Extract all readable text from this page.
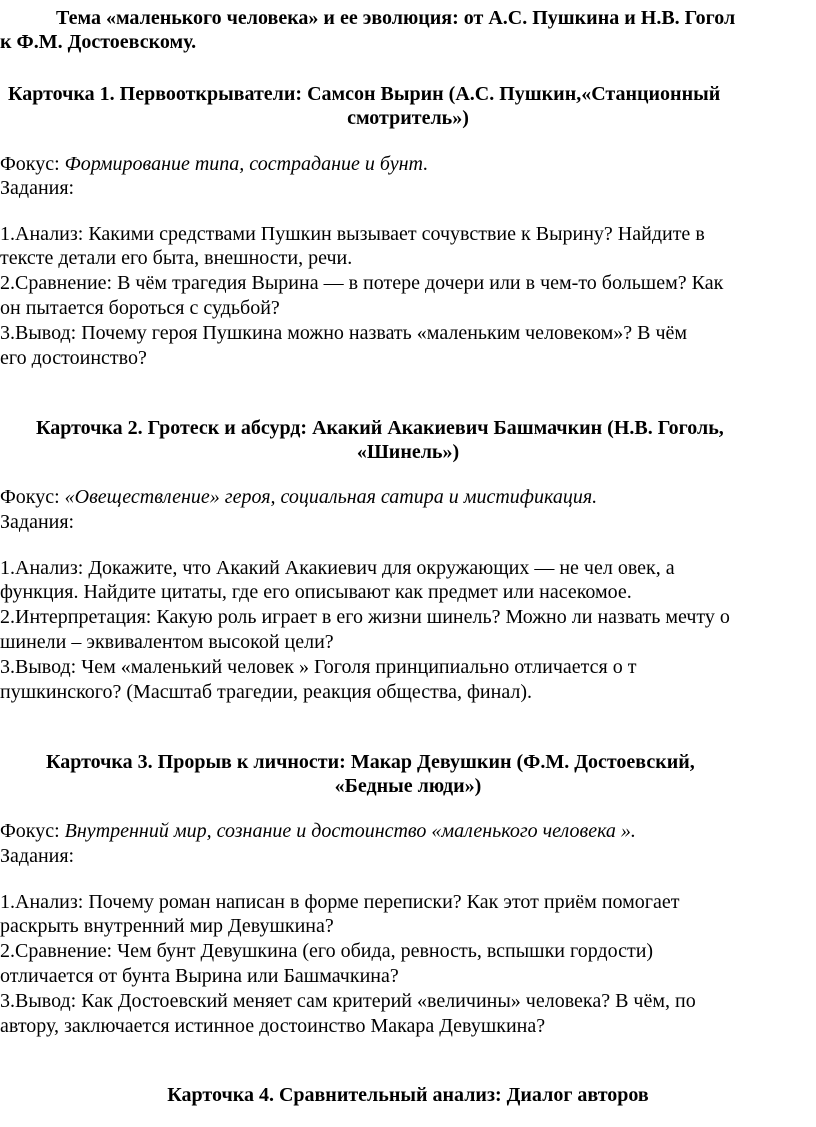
Тема «маленького человека» и ее эволюция: от А.С. Пушкина и Н.В. Гогол
к Ф.М. Достоевскому.
Карточка 1. Первооткрыватели: Самсон Вырин (А.С. Пушкин,«Станционный
смотритель»)
Фокус: Формирование типа, сострадание и бунт.
Задания:
1.Анализ: Какими средствами Пушкин вызывает сочувствие к Вырину? Найдите в
тексте детали его быта, внешности, речи.
2.Сравнение: В чём трагедия Вырина — в потере дочери или в чем-то большем? Как
он пытается бороться с судьбой?
3.Вывод: Почему героя Пушкина можно назвать «маленьким человеком»? В чём
его достоинство?
Карточка 2. Гротеск и абсурд: Акакий Акакиевич Башмачкин (Н.В. Гоголь,
«Шинель»)
Фокус: «Овеществление» героя, социальная сатира и мистификация.
Задания:
1.Анализ: Докажите, что Акакий Акакиевич для окружающих — не чел овек, а
функция. Найдите цитаты, где его описывают как предмет или насекомое.
2.Интерпретация: Какую роль играет в его жизни шинель? Можно ли назвать мечту о
шинели – эквивалентом высокой цели?
3.Вывод: Чем «маленький человек » Гоголя принципиально отличается о т
пушкинского? (Масштаб трагедии, реакция общества, финал).
Карточка 3. Прорыв к личности: Макар Девушкин (Ф.М. Достоевский,
«Бедные люди»)
Фокус: Внутренний мир, сознание и достоинство «маленького человека ».
Задания:
1.Анализ: Почему роман написан в форме переписки? Как этот приём помогает
раскрыть внутренний мир Девушкина?
2.Сравнение: Чем бунт Девушкина (его обида, ревность, вспышки гордости)
отличается от бунта Вырина или Башмачкина?
3.Вывод: Как Достоевский меняет сам критерий «величины» человека? В чём, по
автору, заключается истинное достоинство Макара Девушкина?
Карточка 4. Сравнительный анализ: Диалог авторов
